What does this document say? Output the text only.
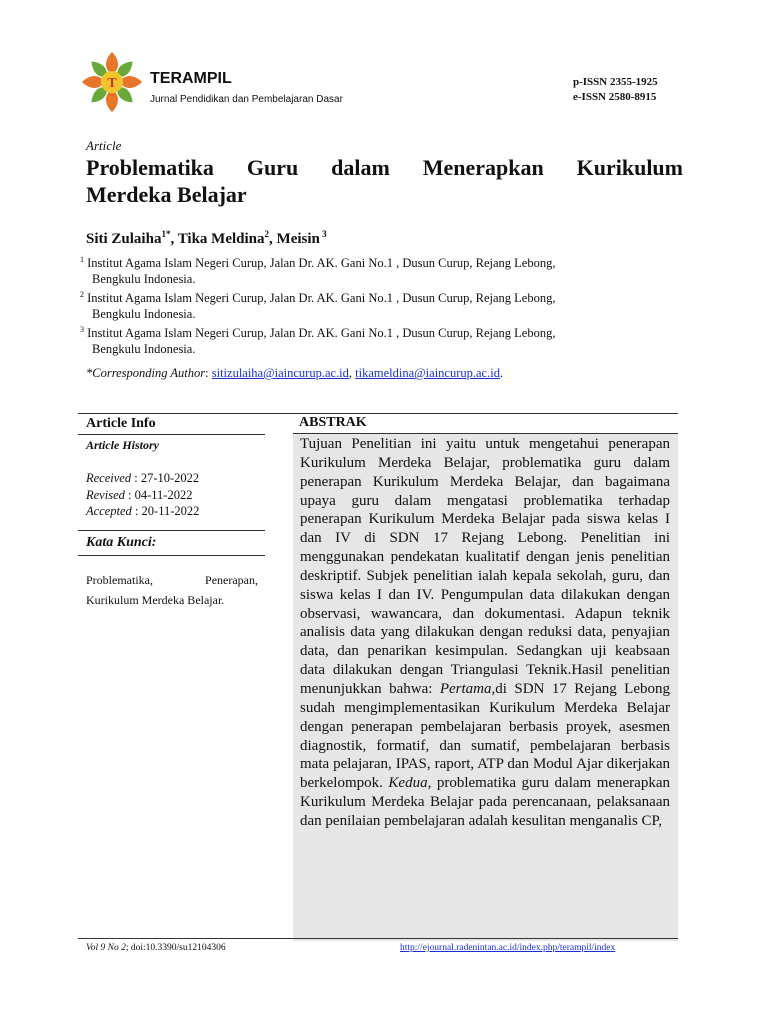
T TERAMPIL
Jurnal Pendidikan dan Pembelajaran Dasar
p-ISSN 2355-1925
e-ISSN 2580-8915
Article
Problematika Guru dalam Menerapkan Kurikulum
Merdeka Belajar
Siti Zulaiha$^{1*}$, Tika Meldina$^2$, Meisin $^3$
$^1$ Institut Agama Islam Negeri Curup, Jalan Dr. AK. Gani No.1 , Dusun Curup, Rejang Lebong,
Bengkulu Indonesia.
$^2$ Institut Agama Islam Negeri Curup, Jalan Dr. AK. Gani No.1 , Dusun Curup, Rejang Lebong,
Bengkulu Indonesia.
$^3$ Institut Agama Islam Negeri Curup, Jalan Dr. AK. Gani No.1 , Dusun Curup, Rejang Lebong,
Bengkulu Indonesia.
*Corresponding Author: sitizulaiha@iaincurup.ac.id, tikameldina@iaincurup.ac.id.
Article Info
Article History
Received : 27-10-2022
Revised : 04-11-2022
Accepted : 20-11-2022
Kata Kunci:
Problematika, Penerapan, Kurikulum Merdeka Belajar.
ABSTRAK
Tujuan Penelitian ini yaitu untuk mengetahui penerapan Kurikulum Merdeka Belajar, problematika guru dalam penerapan Kurikulum Merdeka Belajar, dan bagaimana upaya guru dalam mengatasi problematika terhadap penerapan Kurikulum Merdeka Belajar pada siswa kelas I dan IV di SDN 17 Rejang Lebong. Penelitian ini menggunakan pendekatan kualitatif dengan jenis penelitian deskriptif. Subjek penelitian ialah kepala sekolah, guru, dan siswa kelas I dan IV. Pengumpulan data dilakukan dengan observasi, wawancara, dan dokumentasi. Adapun teknik analisis data yang dilakukan dengan reduksi data, penyajian data, dan penarikan kesimpulan. Sedangkan uji keabsaan data dilakukan dengan Triangulasi Teknik.Hasil penelitian menunjukkan bahwa: Pertama,di SDN 17 Rejang Lebong sudah mengimplementasikan Kurikulum Merdeka Belajar dengan penerapan pembelajaran berbasis proyek, asesmen diagnostik, formatif, dan sumatif, pembelajaran berbasis mata pelajaran, IPAS, raport, ATP dan Modul Ajar dikerjakan berkelompok. Kedua, problematika guru dalam menerapkan Kurikulum Merdeka Belajar pada perencanaan, pelaksanaan dan penilaian pembelajaran adalah kesulitan menganalis CP,
Vol 9 No 2; doi:10.3390/su12104306	http://ejournal.radenintan.ac.id/index.php/terampil/index
